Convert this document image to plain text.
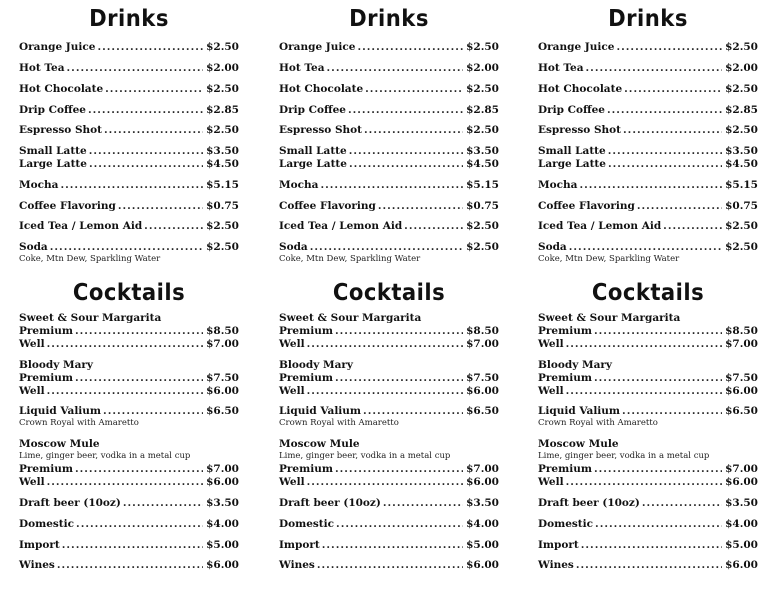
Drinks
Orange Juice .....	$2.50
Hot Tea .....	$2.00
Hot Chocolate .....	$2.50
Drip Coffee .....	$2.85
Espresso Shot .....	$2.50
Small Latte .....	$3.50
Large Latte .....	$4.50
Mocha .....	$5.15
Coffee Flavoring .....	$0.75
Iced Tea / Lemon Aid .....	$2.50
Soda .....	$2.50
Coke, Mtn Dew, Sparkling Water
Cocktails
Sweet & Sour Margarita
Premium .....	$8.50
Well .....	$7.00
Bloody Mary
Premium .....	$7.50
Well .....	$6.00
Liquid Valium .....	$6.50
Crown Royal with Amaretto
Moscow Mule
Lime, ginger beer, vodka in a metal cup
Premium .....	$7.00
Well .....	$6.00
Draft beer (10oz) .....	$3.50
Domestic .....	$4.00
Import .....	$5.00
Wines .....	$6.00
Drinks
Orange Juice .....	$2.50
Hot Tea .....	$2.00
Hot Chocolate .....	$2.50
Drip Coffee .....	$2.85
Espresso Shot .....	$2.50
Small Latte .....	$3.50
Large Latte .....	$4.50
Mocha .....	$5.15
Coffee Flavoring .....	$0.75
Iced Tea / Lemon Aid .....	$2.50
Soda .....	$2.50
Coke, Mtn Dew, Sparkling Water
Cocktails
Sweet & Sour Margarita
Premium .....	$8.50
Well .....	$7.00
Bloody Mary
Premium .....	$7.50
Well .....	$6.00
Liquid Valium .....	$6.50
Crown Royal with Amaretto
Moscow Mule
Lime, ginger beer, vodka in a metal cup
Premium .....	$7.00
Well .....	$6.00
Draft beer (10oz) .....	$3.50
Domestic .....	$4.00
Import .....	$5.00
Wines .....	$6.00
Drinks
Orange Juice .....	$2.50
Hot Tea .....	$2.00
Hot Chocolate .....	$2.50
Drip Coffee .....	$2.85
Espresso Shot .....	$2.50
Small Latte .....	$3.50
Large Latte .....	$4.50
Mocha .....	$5.15
Coffee Flavoring .....	$0.75
Iced Tea / Lemon Aid .....	$2.50
Soda .....	$2.50
Coke, Mtn Dew, Sparkling Water
Cocktails
Sweet & Sour Margarita
Premium .....	$8.50
Well .....	$7.00
Bloody Mary
Premium .....	$7.50
Well .....	$6.00
Liquid Valium .....	$6.50
Crown Royal with Amaretto
Moscow Mule
Lime, ginger beer, vodka in a metal cup
Premium .....	$7.00
Well .....	$6.00
Draft beer (10oz) .....	$3.50
Domestic .....	$4.00
Import .....	$5.00
Wines .....	$6.00
